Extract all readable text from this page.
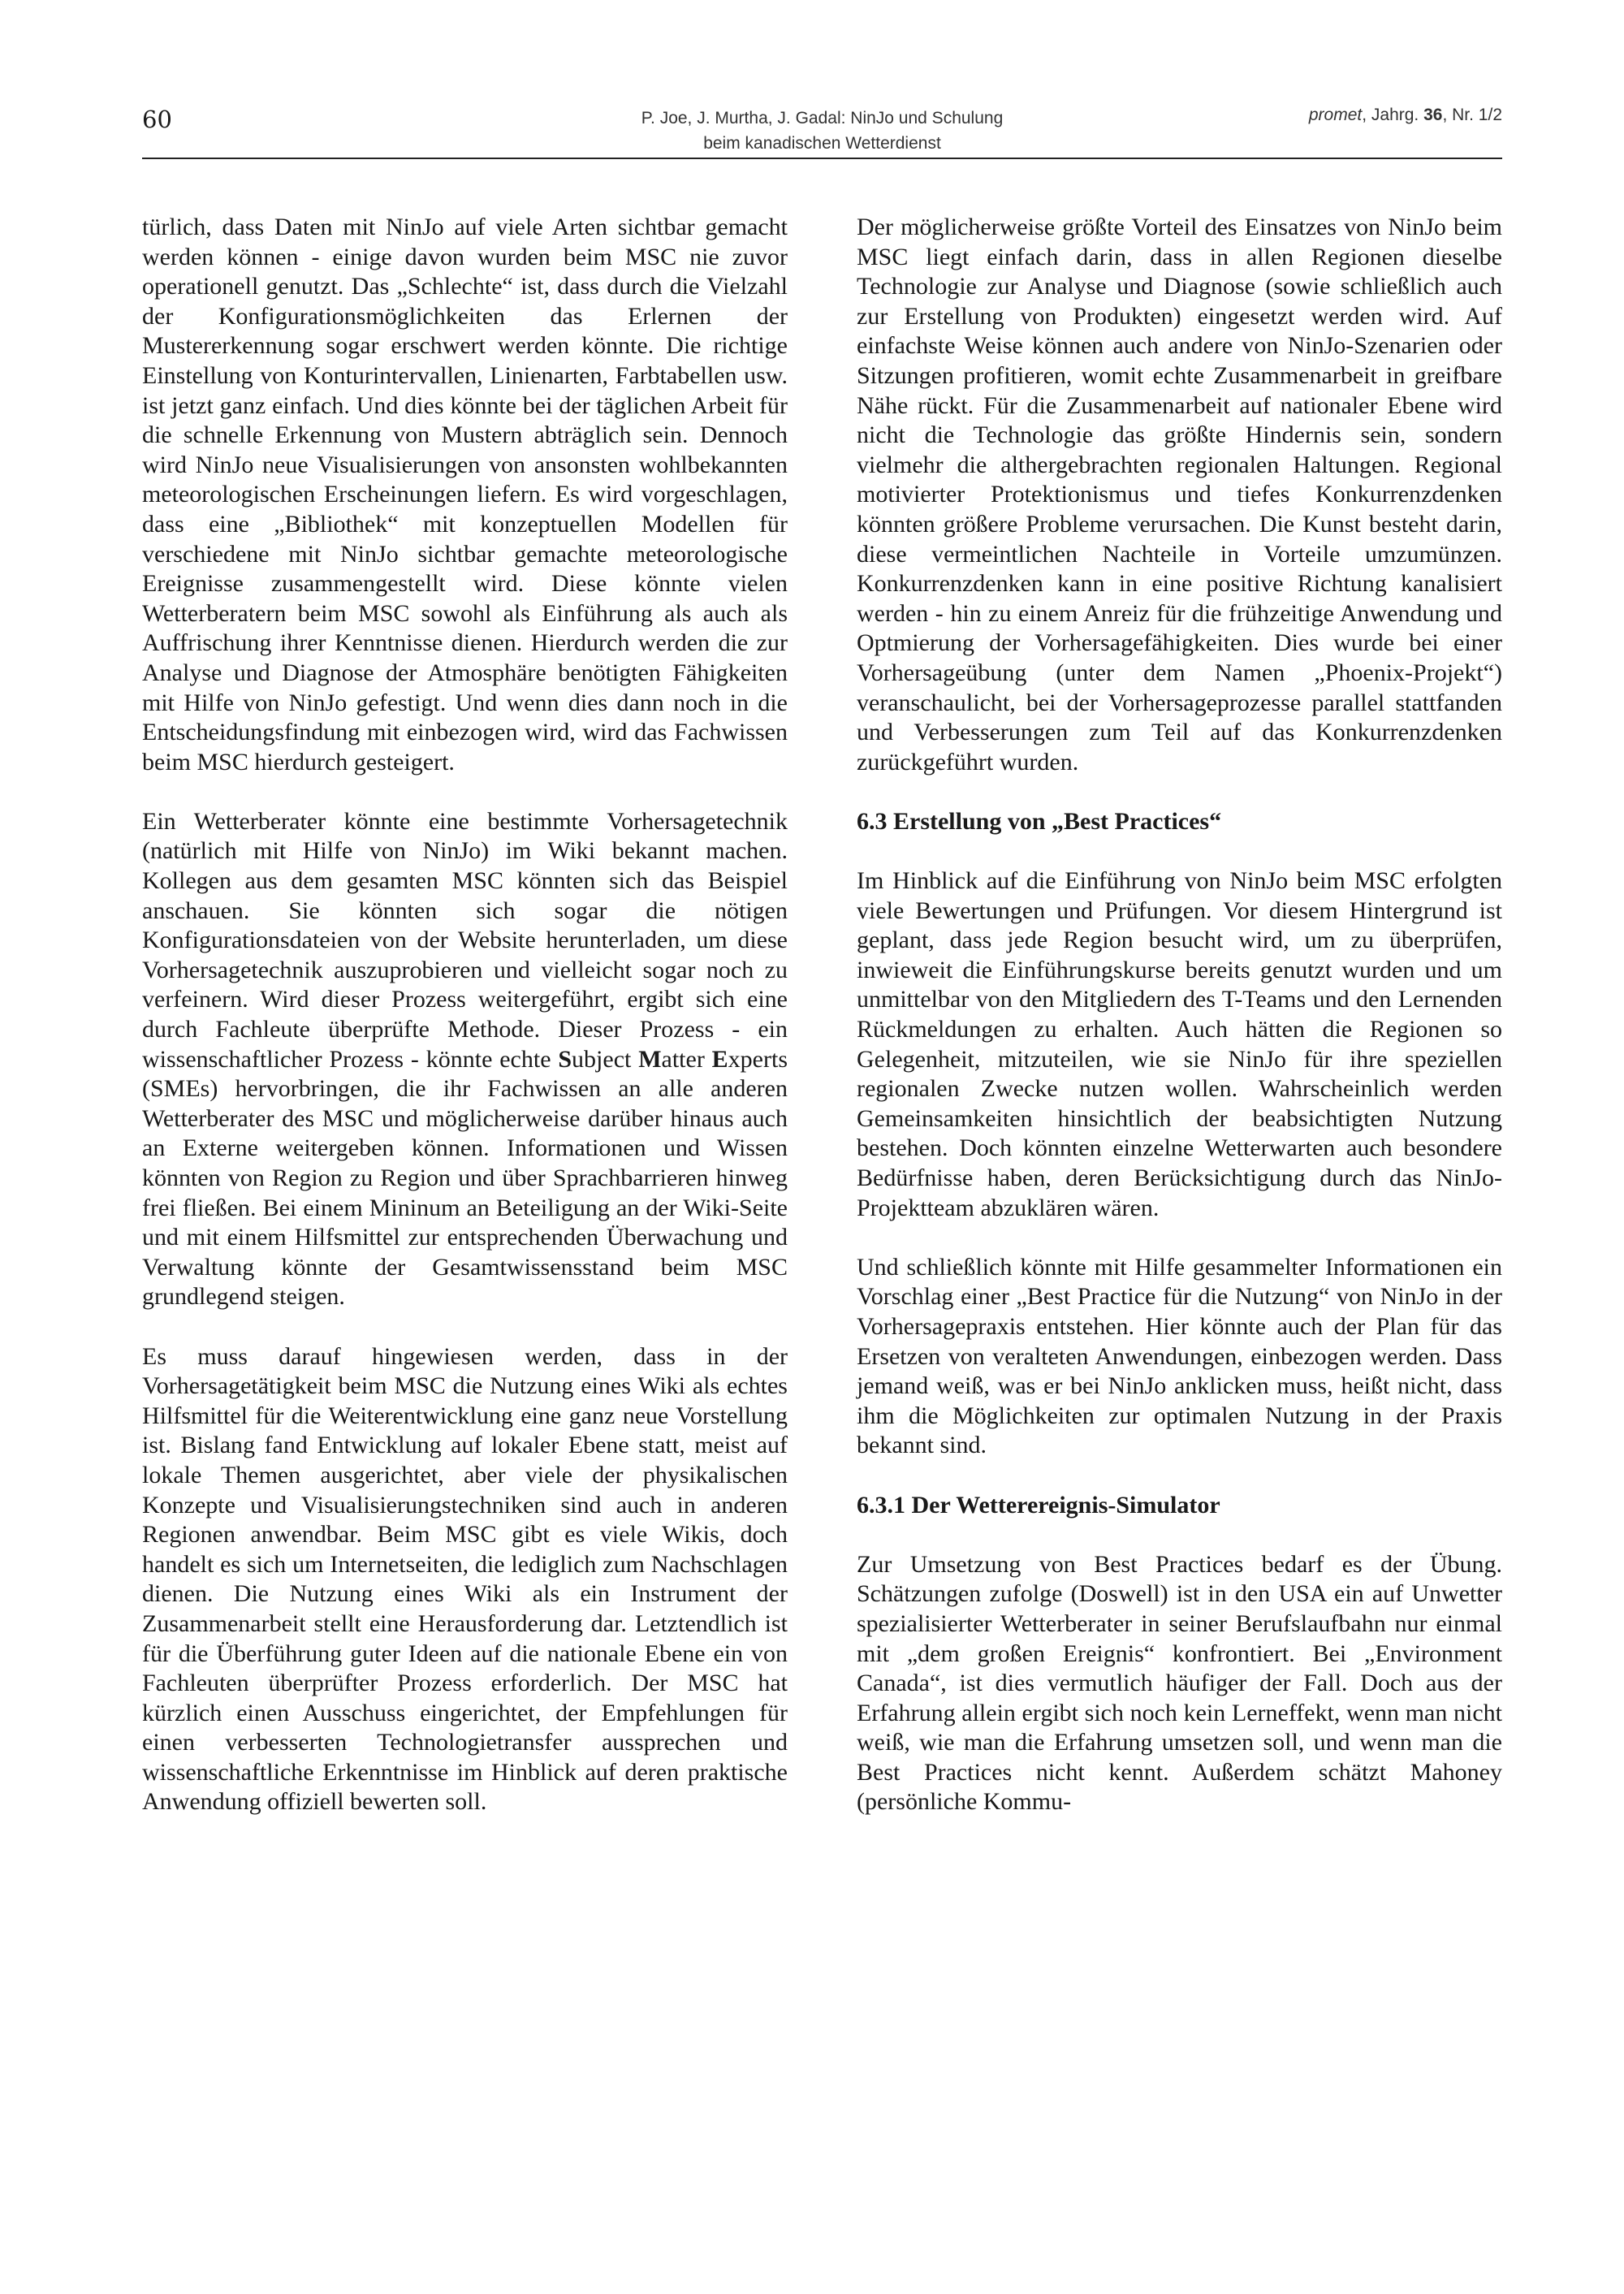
60	P. Joe, J. Murtha, J. Gadal: NinJo und Schulung
beim kanadischen Wetterdienst
promet, Jahrg. 36, Nr. 1/2

türlich, dass Daten mit NinJo auf viele Arten sichtbar gemacht werden können - einige davon wurden beim MSC nie zuvor operationell genutzt. Das „Schlechte“ ist, dass durch die Vielzahl der Konfigurationsmöglichkeiten das Erlernen der Mustererkennung sogar erschwert werden könnte. Die richtige Einstellung von Konturintervallen, Linienarten, Farbtabellen usw. ist jetzt ganz einfach. Und dies könnte bei der täglichen Arbeit für die schnelle Erkennung von Mustern abträglich sein. Dennoch wird NinJo neue Visualisierungen von ansonsten wohlbekannten meteorologischen Erscheinungen liefern. Es wird vorgeschlagen, dass eine „Bibliothek“ mit konzeptuellen Modellen für verschiedene mit NinJo sichtbar gemachte meteorologische Ereignisse zusammengestellt wird. Diese könnte vielen Wetterberatern beim MSC sowohl als Einführung als auch als Auffrischung ihrer Kenntnisse dienen. Hierdurch werden die zur Analyse und Diagnose der Atmosphäre benötigten Fähigkeiten mit Hilfe von NinJo gefestigt. Und wenn dies dann noch in die Entscheidungsfindung mit einbezogen wird, wird das Fachwissen beim MSC hierdurch gesteigert.

Ein Wetterberater könnte eine bestimmte Vorhersagetechnik (natürlich mit Hilfe von NinJo) im Wiki bekannt machen. Kollegen aus dem gesamten MSC könnten sich das Beispiel anschauen. Sie könnten sich sogar die nötigen Konfigurationsdateien von der Website herunterladen, um diese Vorhersagetechnik auszuprobieren und vielleicht sogar noch zu verfeinern. Wird dieser Prozess weitergeführt, ergibt sich eine durch Fachleute überprüfte Methode. Dieser Prozess - ein wissenschaftlicher Prozess - könnte echte Subject Matter Experts (SMEs) hervorbringen, die ihr Fachwissen an alle anderen Wetterberater des MSC und möglicherweise darüber hinaus auch an Externe weitergeben können. Informationen und Wissen könnten von Region zu Region und über Sprachbarrieren hinweg frei fließen. Bei einem Mininum an Beteiligung an der Wiki-Seite und mit einem Hilfsmittel zur entsprechenden Überwachung und Verwaltung könnte der Gesamtwissensstand beim MSC grundlegend steigen.

Es muss darauf hingewiesen werden, dass in der Vorhersagetätigkeit beim MSC die Nutzung eines Wiki als echtes Hilfsmittel für die Weiterentwicklung eine ganz neue Vorstellung ist. Bislang fand Entwicklung auf lokaler Ebene statt, meist auf lokale Themen ausgerichtet, aber viele der physikalischen Konzepte und Visualisierungstechniken sind auch in anderen Regionen anwendbar. Beim MSC gibt es viele Wikis, doch handelt es sich um Internetseiten, die lediglich zum Nachschlagen dienen. Die Nutzung eines Wiki als ein Instrument der Zusammenarbeit stellt eine Herausforderung dar. Letztendlich ist für die Überführung guter Ideen auf die nationale Ebene ein von Fachleuten überprüfter Prozess erforderlich. Der MSC hat kürzlich einen Ausschuss eingerichtet, der Empfehlungen für einen verbesserten Technologietransfer aussprechen und wissenschaftliche Erkenntnisse im Hinblick auf deren praktische Anwendung offiziell bewerten soll.

Der möglicherweise größte Vorteil des Einsatzes von NinJo beim MSC liegt einfach darin, dass in allen Regionen dieselbe Technologie zur Analyse und Diagnose (sowie schließlich auch zur Erstellung von Produkten) eingesetzt werden wird. Auf einfachste Weise können auch andere von NinJo-Szenarien oder Sitzungen profitieren, womit echte Zusammenarbeit in greifbare Nähe rückt. Für die Zusammenarbeit auf nationaler Ebene wird nicht die Technologie das größte Hindernis sein, sondern vielmehr die althergebrachten regionalen Haltungen. Regional motivierter Protektionismus und tiefes Konkurrenzdenken könnten größere Probleme verursachen. Die Kunst besteht darin, diese vermeintlichen Nachteile in Vorteile umzumünzen. Konkurrenzdenken kann in eine positive Richtung kanalisiert werden - hin zu einem Anreiz für die frühzeitige Anwendung und Optmierung der Vorhersagefähigkeiten. Dies wurde bei einer Vorhersageübung (unter dem Namen „Phoenix-Projekt“) veranschaulicht, bei der Vorhersageprozesse parallel stattfanden und Verbesserungen zum Teil auf das Konkurrenzdenken zurückgeführt wurden.

6.3 Erstellung von „Best Practices“

Im Hinblick auf die Einführung von NinJo beim MSC erfolgten viele Bewertungen und Prüfungen. Vor diesem Hintergrund ist geplant, dass jede Region besucht wird, um zu überprüfen, inwieweit die Einführungskurse bereits genutzt wurden und um unmittelbar von den Mitgliedern des T-Teams und den Lernenden Rückmeldungen zu erhalten. Auch hätten die Regionen so Gelegenheit, mitzuteilen, wie sie NinJo für ihre speziellen regionalen Zwecke nutzen wollen. Wahrscheinlich werden Gemeinsamkeiten hinsichtlich der beabsichtigten Nutzung bestehen. Doch könnten einzelne Wetterwarten auch besondere Bedürfnisse haben, deren Berücksichtigung durch das NinJo-Projektteam abzuklären wären.

Und schließlich könnte mit Hilfe gesammelter Informationen ein Vorschlag einer „Best Practice für die Nutzung“ von NinJo in der Vorhersagepraxis entstehen. Hier könnte auch der Plan für das Ersetzen von veralteten Anwendungen, einbezogen werden. Dass jemand weiß, was er bei NinJo anklicken muss, heißt nicht, dass ihm die Möglichkeiten zur optimalen Nutzung in der Praxis bekannt sind.

6.3.1 Der Wetterereignis-Simulator

Zur Umsetzung von Best Practices bedarf es der Übung. Schätzungen zufolge (Doswell) ist in den USA ein auf Unwetter spezialisierter Wetterberater in seiner Berufslaufbahn nur einmal mit „dem großen Ereignis“ konfrontiert. Bei „Environment Canada“, ist dies vermutlich häufiger der Fall. Doch aus der Erfahrung allein ergibt sich noch kein Lerneffekt, wenn man nicht weiß, wie man die Erfahrung umsetzen soll, und wenn man die Best Practices nicht kennt. Außerdem schätzt Mahoney (persönliche Kommu-
